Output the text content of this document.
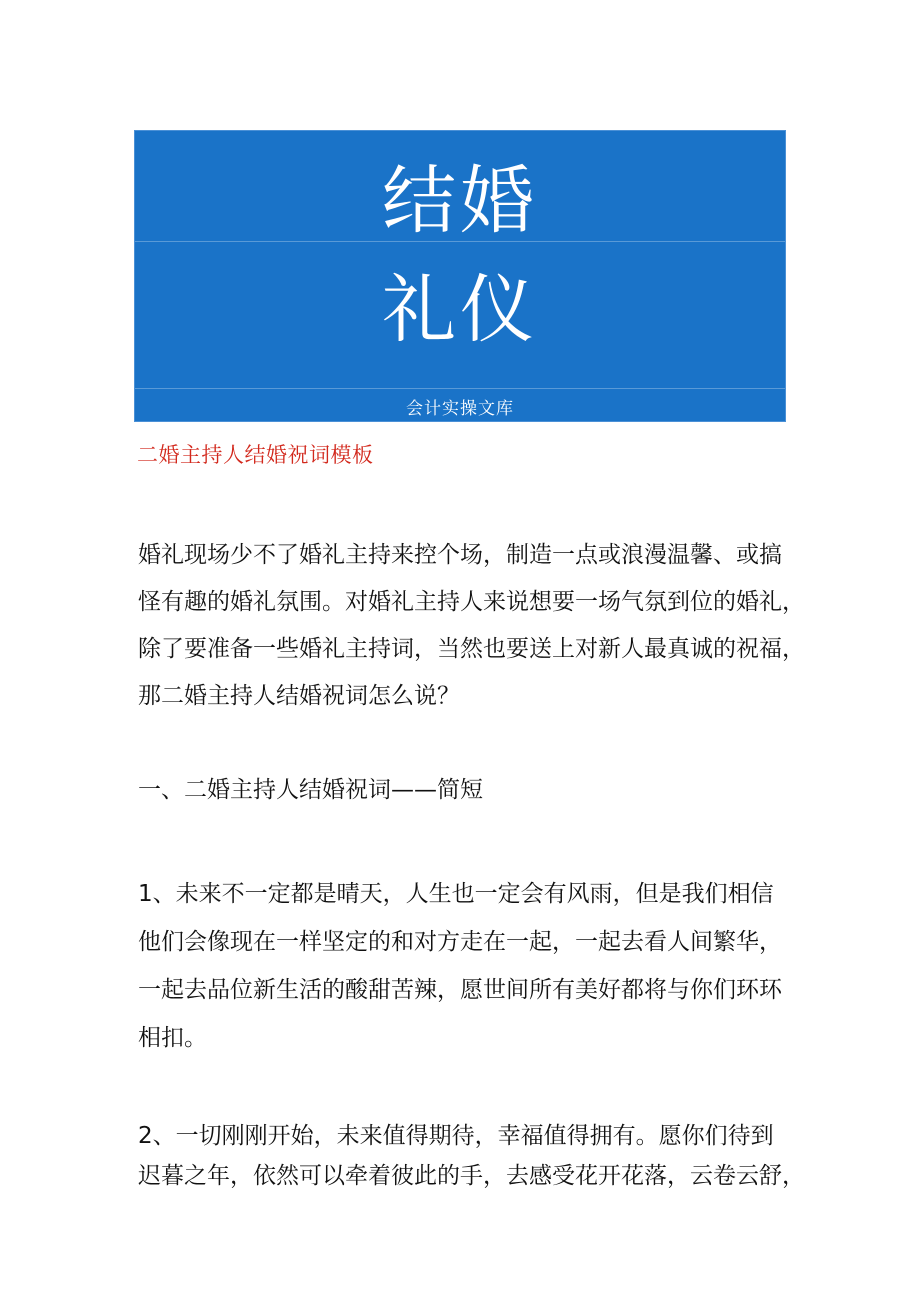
结婚
礼仪
会计实操文库
二婚主持人结婚祝词模板

婚礼现场少不了婚礼主持来控个场，制造一点或浪漫温馨、或搞
怪有趣的婚礼氛围。对婚礼主持人来说想要一场气氛到位的婚礼，
除了要准备一些婚礼主持词，当然也要送上对新人最真诚的祝福，
那二婚主持人结婚祝词怎么说？

一、二婚主持人结婚祝词——简短

1、未来不一定都是晴天，人生也一定会有风雨，但是我们相信
他们会像现在一样坚定的和对方走在一起，一起去看人间繁华，
一起去品位新生活的酸甜苦辣，愿世间所有美好都将与你们环环
相扣。

2、一切刚刚开始，未来值得期待，幸福值得拥有。愿你们待到
迟暮之年，依然可以牵着彼此的手，去感受花开花落，云卷云舒，
